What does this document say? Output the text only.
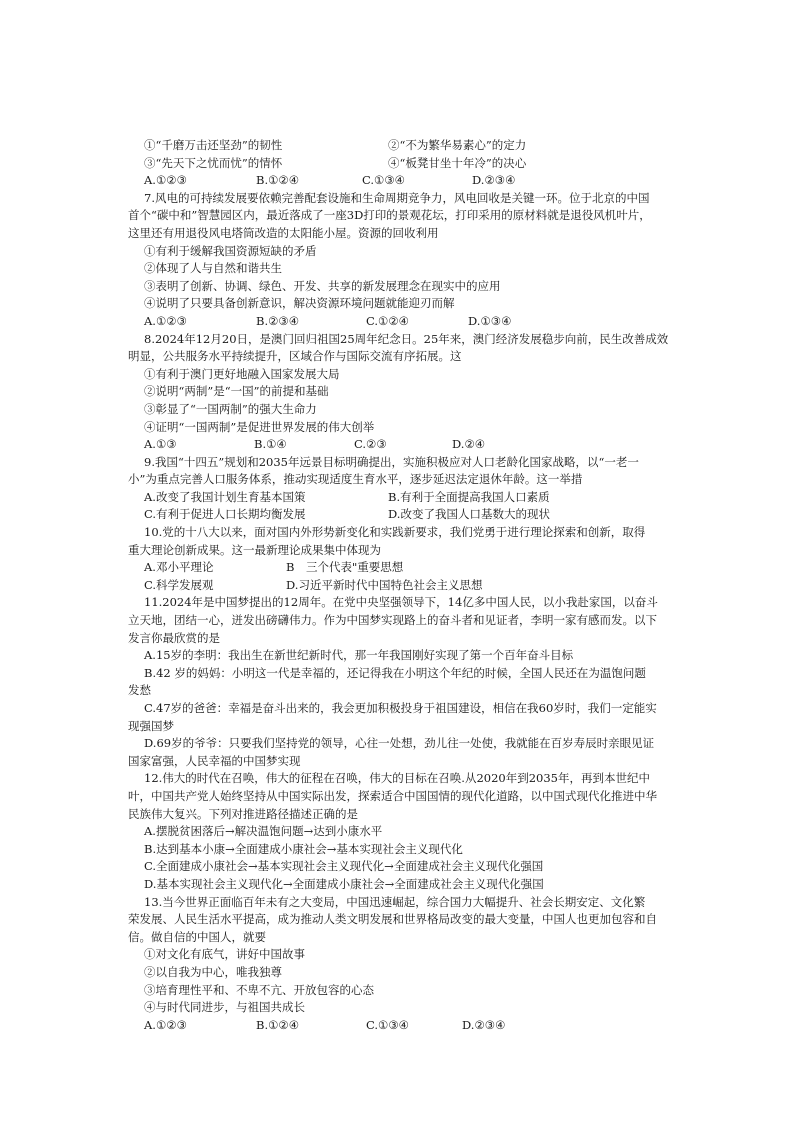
①“千磨万击还坚劲”的韧性	②“不为繁华易素心”的定力
③“先天下之忧而忧”的情怀	④“板凳甘坐十年冷”的决心
A.①②③	B.①②④	C.①③④	D.②③④
7.风电的可持续发展要依赖完善配套设施和生命周期竞争力，风电回收是关键一环。位于北京的中国
首个“碳中和”智慧园区内，最近落成了一座3D打印的景观花坛，打印采用的原材料就是退役风机叶片，
这里还有用退役风电塔筒改造的太阳能小屋。资源的回收利用
①有利于缓解我国资源短缺的矛盾
②体现了人与自然和谐共生
③表明了创新、协调、绿色、开发、共享的新发展理念在现实中的应用
④说明了只要具备创新意识，解决资源环境问题就能迎刃而解
A.①②③	B.②③④	C.①②④	D.①③④
8.2024年12月20日，是澳门回归祖国25周年纪念日。25年来，澳门经济发展稳步向前，民生改善成效
明显，公共服务水平持续提升，区域合作与国际交流有序拓展。这
①有利于澳门更好地融入国家发展大局
②说明“两制”是“一国”的前提和基础
③彰显了“一国两制”的强大生命力
④证明“一国两制”是促进世界发展的伟大创举
A.①③	B.①④	C.②③	D.②④
9.我国“十四五”规划和2035年远景目标明确提出，实施积极应对人口老龄化国家战略，以“一老一
小”为重点完善人口服务体系，推动实现适度生育水平，逐步延迟法定退休年龄。这一举措
A.改变了我国计划生育基本国策	B.有利于全面提高我国人口素质
C.有利于促进人口长期均衡发展	D.改变了我国人口基数大的现状
10.党的十八大以来，面对国内外形势新变化和实践新要求，我们党勇于进行理论探索和创新，取得
重大理论创新成果。这一最新理论成果集中体现为
A.邓小平理论	B　三个代表"重要思想
C.科学发展观	D.习近平新时代中国特色社会主义思想
11.2024年是中国梦提出的12周年。在党中央坚强领导下，14亿多中国人民，以小我赴家国，以奋斗
立天地，团结一心，迸发出磅礴伟力。作为中国梦实现路上的奋斗者和见证者，李明一家有感而发。以下
发言你最欣赏的是
A.15岁的李明：我出生在新世纪新时代，那一年我国刚好实现了第一个百年奋斗目标
B.42 岁的妈妈：小明这一代是幸福的，还记得我在小明这个年纪的时候，全国人民还在为温饱问题
发愁
C.47岁的爸爸：幸福是奋斗出来的，我会更加积极投身于祖国建设，相信在我60岁时，我们一定能实
现强国梦
D.69岁的爷爷：只要我们坚持党的领导，心往一处想，劲儿往一处使，我就能在百岁寿辰时亲眼见证
国家富强，人民幸福的中国梦实现
12.伟大的时代在召唤，伟大的征程在召唤，伟大的目标在召唤.从2020年到2035年，再到本世纪中
叶，中国共产党人始终坚持从中国实际出发，探索适合中国国情的现代化道路，以中国式现代化推进中华
民族伟大复兴。下列对推进路径描述正确的是
A.摆脱贫困落后→解决温饱问题→达到小康水平
B.达到基本小康→全面建成小康社会→基本实现社会主义现代化
C.全面建成小康社会→基本实现社会主义现代化→全面建成社会主义现代化强国
D.基本实现社会主义现代化→全面建成小康社会→全面建成社会主义现代化强国
13.当今世界正面临百年未有之大变局，中国迅速崛起，综合国力大幅提升、社会长期安定、文化繁
荣发展、人民生活水平提高，成为推动人类文明发展和世界格局改变的最大变量，中国人也更加包容和自
信。做自信的中国人，就要
①对文化有底气，讲好中国故事
②以自我为中心，唯我独尊
③培育理性平和、不卑不亢、开放包容的心态
④与时代同进步，与祖国共成长
A.①②③	B.①②④	C.①③④	D.②③④
